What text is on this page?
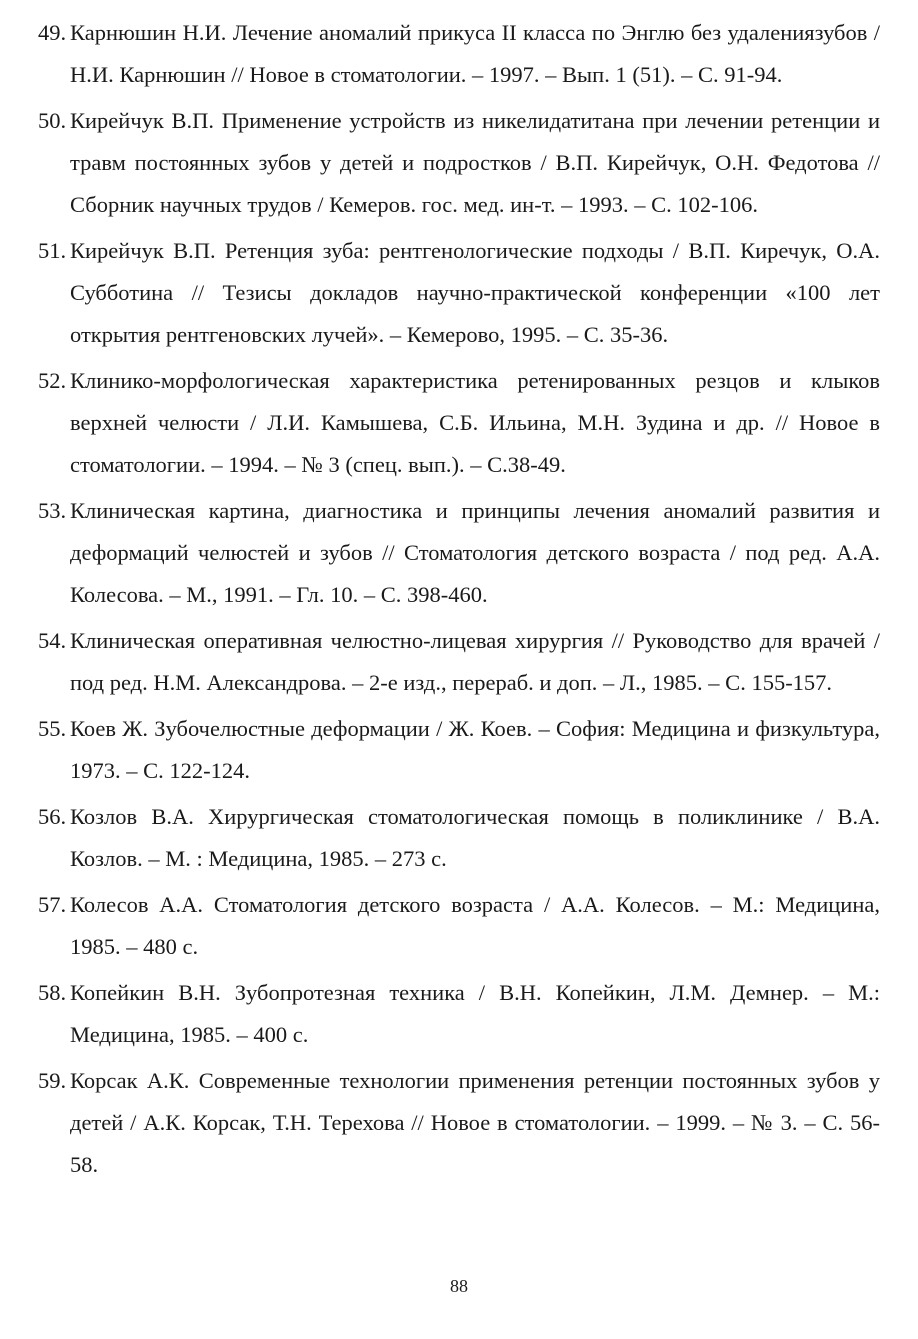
49. Карнюшин Н.И. Лечение аномалий прикуса II класса по Энглю без удалениязубов / Н.И. Карнюшин // Новое в стоматологии. – 1997. – Вып. 1 (51). – С. 91-94.
50. Кирейчук В.П. Применение устройств из никелидатитана при лечении ретенции и травм постоянных зубов у детей и подростков / В.П. Кирейчук, О.Н. Федотова // Сборник научных трудов / Кемеров. гос. мед. ин-т. – 1993. – С. 102-106.
51. Кирейчук В.П. Ретенция зуба: рентгенологические подходы / В.П. Киречук, О.А. Субботина // Тезисы докладов научно-практической конференции «100 лет открытия рентгеновских лучей». – Кемерово, 1995. – С. 35-36.
52. Клинико-морфологическая характеристика ретенированных резцов и клыков верхней челюсти / Л.И. Камышева, С.Б. Ильина, М.Н. Зудина и др. // Новое в стоматологии. – 1994. – № 3 (спец. вып.). – С.38-49.
53. Клиническая картина, диагностика и принципы лечения аномалий развития и деформаций челюстей и зубов // Стоматология детского возраста / под ред. А.А. Колесова. – М., 1991. – Гл. 10. – С. 398-460.
54. Клиническая оперативная челюстно-лицевая хирургия // Руководство для врачей / под ред. Н.М. Александрова. – 2-е изд., перераб. и доп. – Л., 1985. – С. 155-157.
55. Коев Ж. Зубочелюстные деформации / Ж. Коев. – София: Медицина и физкультура, 1973. – С. 122-124.
56. Козлов В.А. Хирургическая стоматологическая помощь в поликлинике / В.А. Козлов. – М. : Медицина, 1985. – 273 с.
57. Колесов А.А. Стоматология детского возраста / А.А. Колесов. – М.: Медицина, 1985. – 480 с.
58. Копейкин В.Н. Зубопротезная техника / В.Н. Копейкин, Л.М. Демнер. – М.: Медицина, 1985. – 400 с.
59. Корсак А.К. Современные технологии применения ретенции постоянных зубов у детей / А.К. Корсак, Т.Н. Терехова // Новое в стоматологии. – 1999. – № 3. – С. 56-58.
88
